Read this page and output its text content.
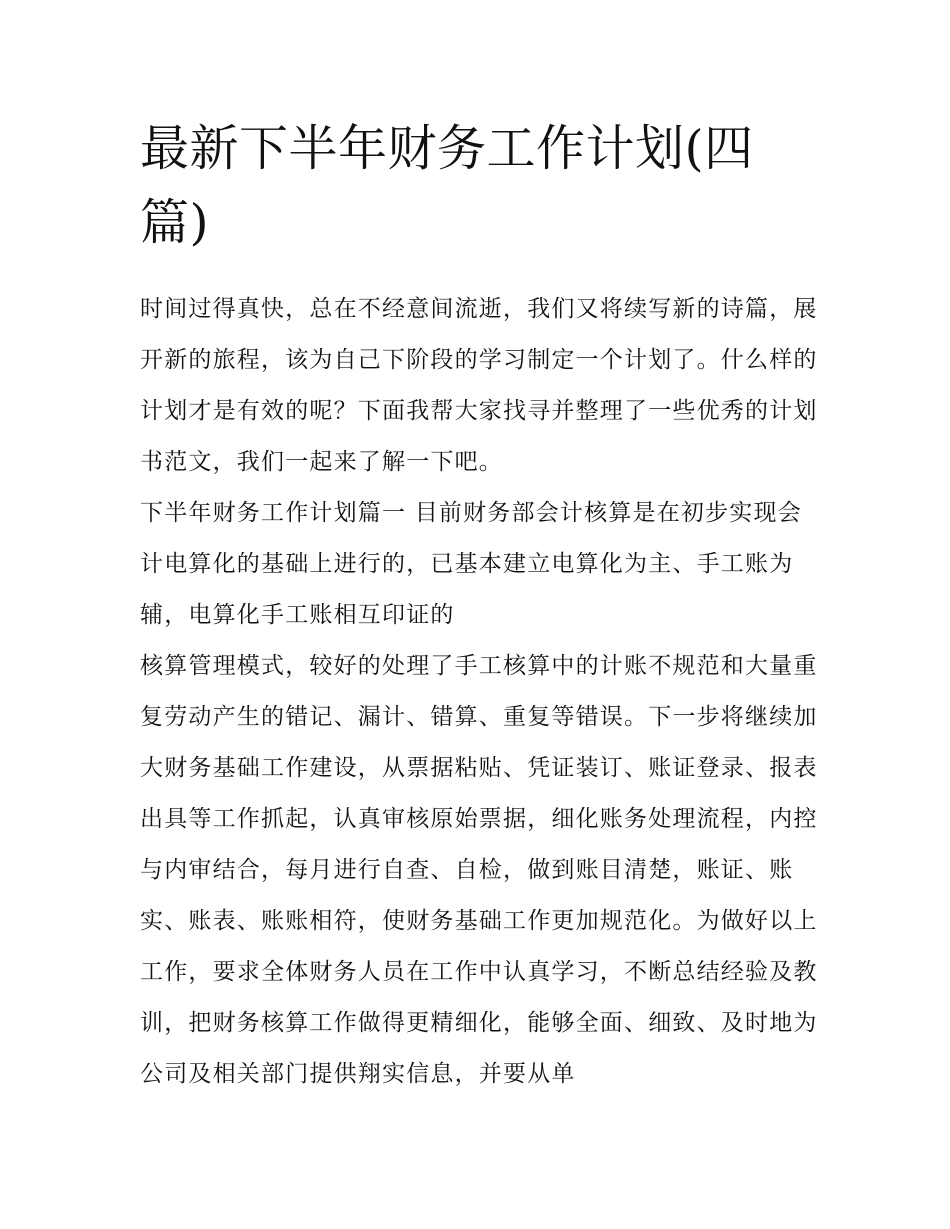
最新下半年财务工作计划(四篇)

时间过得真快，总在不经意间流逝，我们又将续写新的诗篇，展开新的旅程，该为自己下阶段的学习制定一个计划了。什么样的计划才是有效的呢？下面我帮大家找寻并整理了一些优秀的计划书范文，我们一起来了解一下吧。

下半年财务工作计划篇一 目前财务部会计核算是在初步实现会计电算化的基础上进行的，已基本建立电算化为主、手工账为辅，电算化手工账相互印证的

核算管理模式，较好的处理了手工核算中的计账不规范和大量重复劳动产生的错记、漏计、错算、重复等错误。下一步将继续加大财务基础工作建设，从票据粘贴、凭证装订、账证登录、报表出具等工作抓起，认真审核原始票据，细化账务处理流程，内控与内审结合，每月进行自查、自检，做到账目清楚，账证、账实、账表、账账相符，使财务基础工作更加规范化。为做好以上工作，要求全体财务人员在工作中认真学习，不断总结经验及教训，把财务核算工作做得更精细化，能够全面、细致、及时地为公司及相关部门提供翔实信息，并要从单
